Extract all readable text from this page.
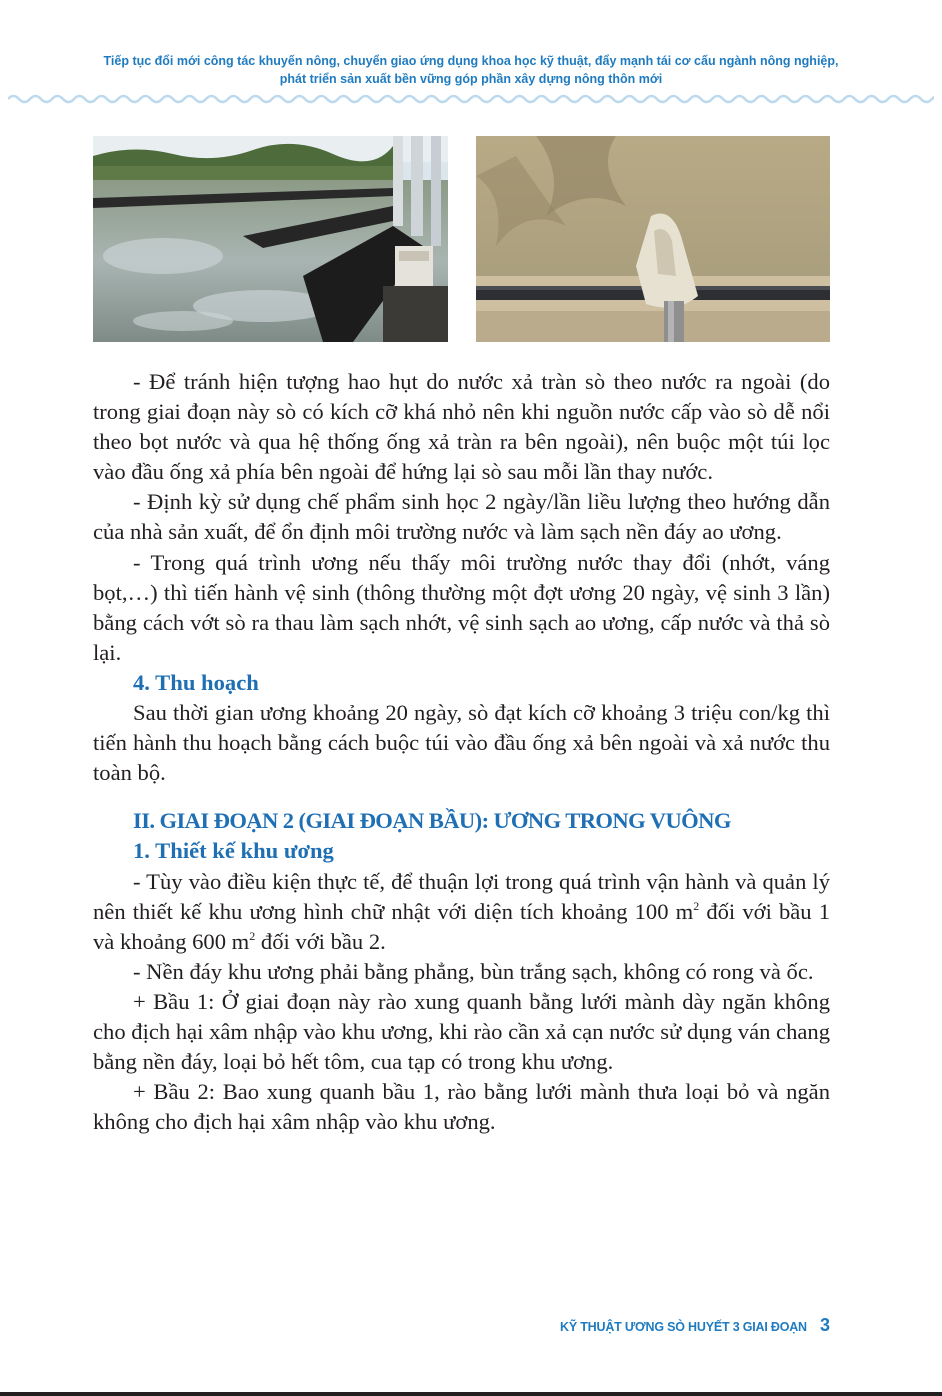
Tiếp tục đổi mới công tác khuyến nông, chuyển giao ứng dụng khoa học kỹ thuật, đẩy mạnh tái cơ cấu ngành nông nghiệp,
phát triển sản xuất bền vững góp phần xây dựng nông thôn mới

- Để tránh hiện tượng hao hụt do nước xả tràn sò theo nước ra ngoài (do trong giai đoạn này sò có kích cỡ khá nhỏ nên khi nguồn nước cấp vào sò dễ nổi theo bọt nước và qua hệ thống ống xả tràn ra bên ngoài), nên buộc một túi lọc vào đầu ống xả phía bên ngoài để hứng lại sò sau mỗi lần thay nước.

- Định kỳ sử dụng chế phẩm sinh học 2 ngày/lần liều lượng theo hướng dẫn của nhà sản xuất, để ổn định môi trường nước và làm sạch nền đáy ao ương.

- Trong quá trình ương nếu thấy môi trường nước thay đổi (nhớt, váng bọt,…) thì tiến hành vệ sinh (thông thường một đợt ương 20 ngày, vệ sinh 3 lần) bằng cách vớt sò ra thau làm sạch nhớt, vệ sinh sạch ao ương, cấp nước và thả sò lại.

4. Thu hoạch

Sau thời gian ương khoảng 20 ngày, sò đạt kích cỡ khoảng 3 triệu con/kg thì tiến hành thu hoạch bằng cách buộc túi vào đầu ống xả bên ngoài và xả nước thu toàn bộ.

II. GIAI ĐOẠN 2 (GIAI ĐOẠN BẦU): ƯƠNG TRONG VUÔNG

1. Thiết kế khu ương

- Tùy vào điều kiện thực tế, để thuận lợi trong quá trình vận hành và quản lý nên thiết kế khu ương hình chữ nhật với diện tích khoảng 100 $m^2$ đối với bầu 1 và khoảng 600 $m^2$ đối với bầu 2.

- Nền đáy khu ương phải bằng phẳng, bùn trắng sạch, không có rong và ốc.

+ Bầu 1: Ở giai đoạn này rào xung quanh bằng lưới mành dày ngăn không cho địch hại xâm nhập vào khu ương, khi rào cần xả cạn nước sử dụng ván chang bằng nền đáy, loại bỏ hết tôm, cua tạp có trong khu ương.

+ Bầu 2: Bao xung quanh bầu 1, rào bằng lưới mành thưa loại bỏ và ngăn không cho địch hại xâm nhập vào khu ương.

KỸ THUẬT ƯƠNG SÒ HUYẾT 3 GIAI ĐOẠN 3
